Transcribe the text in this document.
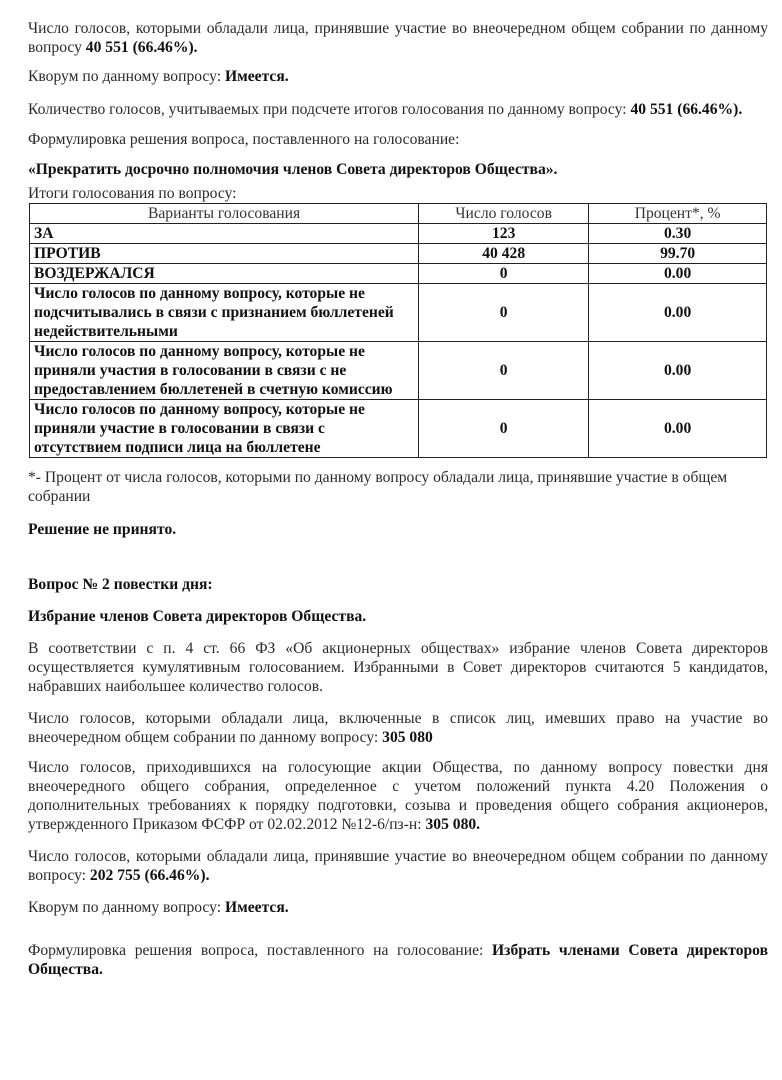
Число голосов, которыми обладали лица, принявшие участие во внеочередном общем собрании по данному вопросу 40 551 (66.46%).

Кворум по данному вопросу: Имеется.

Количество голосов, учитываемых при подсчете итогов голосования по данному вопросу: 40 551 (66.46%).

Формулировка решения вопроса, поставленного на голосование:

«Прекратить досрочно полномочия членов Совета директоров Общества».

Итоги голосования по вопросу:

Варианты голосования	Число голосов	Процент*, %
ЗА	123	0.30
ПРОТИВ	40 428	99.70
ВОЗДЕРЖАЛСЯ	0	0.00
Число голосов по данному вопросу, которые не подсчитывались в связи с признанием бюллетеней недействительными	0	0.00
Число голосов по данному вопросу, которые не приняли участия в голосовании в связи с не предоставлением бюллетеней в счетную комиссию	0	0.00
Число голосов по данному вопросу, которые не приняли участие в голосовании в связи с отсутствием подписи лица на бюллетене	0	0.00

*- Процент от числа голосов, которыми по данному вопросу обладали лица, принявшие участие в общем собрании

Решение не принято.

Вопрос № 2 повестки дня:

Избрание членов Совета директоров Общества.

В соответствии с п. 4 ст. 66 ФЗ «Об акционерных обществах» избрание членов Совета директоров осуществляется кумулятивным голосованием. Избранными в Совет директоров считаются 5 кандидатов, набравших наибольшее количество голосов.

Число голосов, которыми обладали лица, включенные в список лиц, имевших право на участие во внеочередном общем собрании по данному вопросу: 305 080

Число голосов, приходившихся на голосующие акции Общества, по данному вопросу повестки дня внеочередного общего собрания, определенное с учетом положений пункта 4.20 Положения о дополнительных требованиях к порядку подготовки, созыва и проведения общего собрания акционеров, утвержденного Приказом ФСФР от 02.02.2012 №12-6/пз-н: 305 080.

Число голосов, которыми обладали лица, принявшие участие во внеочередном общем собрании по данному вопросу: 202 755 (66.46%).

Кворум по данному вопросу: Имеется.

Формулировка решения вопроса, поставленного на голосование: Избрать членами Совета директоров Общества.
